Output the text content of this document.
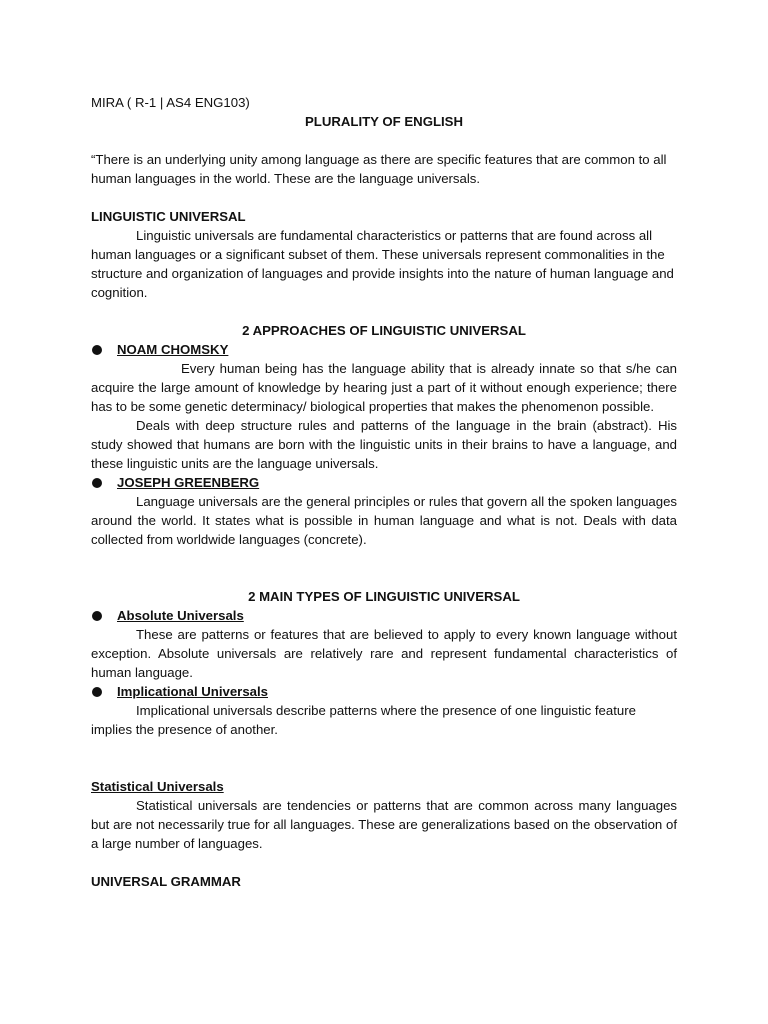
MIRA ( R-1 | AS4 ENG103)

PLURALITY OF ENGLISH

“There is an underlying unity among language as there are specific features that are common to all human languages in the world. These are the language universals.

LINGUISTIC UNIVERSAL

Linguistic universals are fundamental characteristics or patterns that are found across all human languages or a significant subset of them. These universals represent commonalities in the structure and organization of languages and provide insights into the nature of human language and cognition.

2 APPROACHES OF LINGUISTIC UNIVERSAL

NOAM CHOMSKY

Every human being has the language ability that is already innate so that s/he can acquire the large amount of knowledge by hearing just a part of it without enough experience; there has to be some genetic determinacy/ biological properties that makes the phenomenon possible.

Deals with deep structure rules and patterns of the language in the brain (abstract). His study showed that humans are born with the linguistic units in their brains to have a language, and these linguistic units are the language universals.

JOSEPH GREENBERG

Language universals are the general principles or rules that govern all the spoken languages around the world. It states what is possible in human language and what is not. Deals with data collected from worldwide languages (concrete).

2 MAIN TYPES OF LINGUISTIC UNIVERSAL

Absolute Universals

These are patterns or features that are believed to apply to every known language without exception. Absolute universals are relatively rare and represent fundamental characteristics of human language.

Implicational Universals

Implicational universals describe patterns where the presence of one linguistic feature implies the presence of another.

Statistical Universals

Statistical universals are tendencies or patterns that are common across many languages but are not necessarily true for all languages. These are generalizations based on the observation of a large number of languages.

UNIVERSAL GRAMMAR
